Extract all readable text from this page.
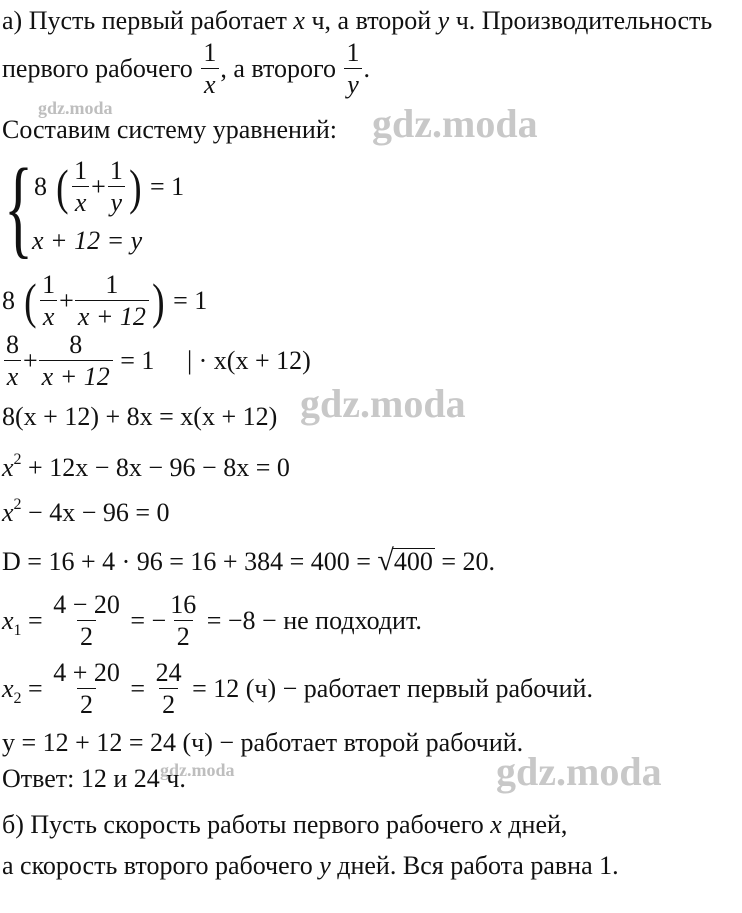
gdz.moda	gdz.moda
gdz.moda
gdz.moda	gdz.moda
а) Пусть первый работает x ч, а второй y ч. Производительность
первого рабочего $\frac{1}{x}$ , а второго $\frac{1}{y}$ .
Составим систему уравнений:
{ 8 ( $\frac{1}{x} + \frac{1}{y}$ ) = 1
x + 12 = y
8 ( $\frac{1}{x} + \frac{1}{x + 12}$ ) = 1
$\frac{8}{x} + \frac{8}{x + 12} = 1$ | · x(x + 12)
8(x + 12) + 8x = x(x + 12)
$x^2 + 12x - 8x - 96 - 8x = 0$
$x^2 - 4x - 96 = 0$
D = 16 + 4 · 96 = 16 + 384 = 400 = √400 = 20.
$x_1 = \frac{4 - 20}{2}$ = − $\frac{16}{2} = -8$ − не подходит.
$x_2 = \frac{4 + 20}{2} = \frac{24}{2} = 12$ (ч) − работает первый рабочий.
y = 12 + 12 = 24 (ч) − работает второй рабочий.
Ответ: 12 и 24 ч.
б) Пусть скорость работы первого рабочего x дней,
а скорость второго рабочего y дней. Вся работа равна 1.
